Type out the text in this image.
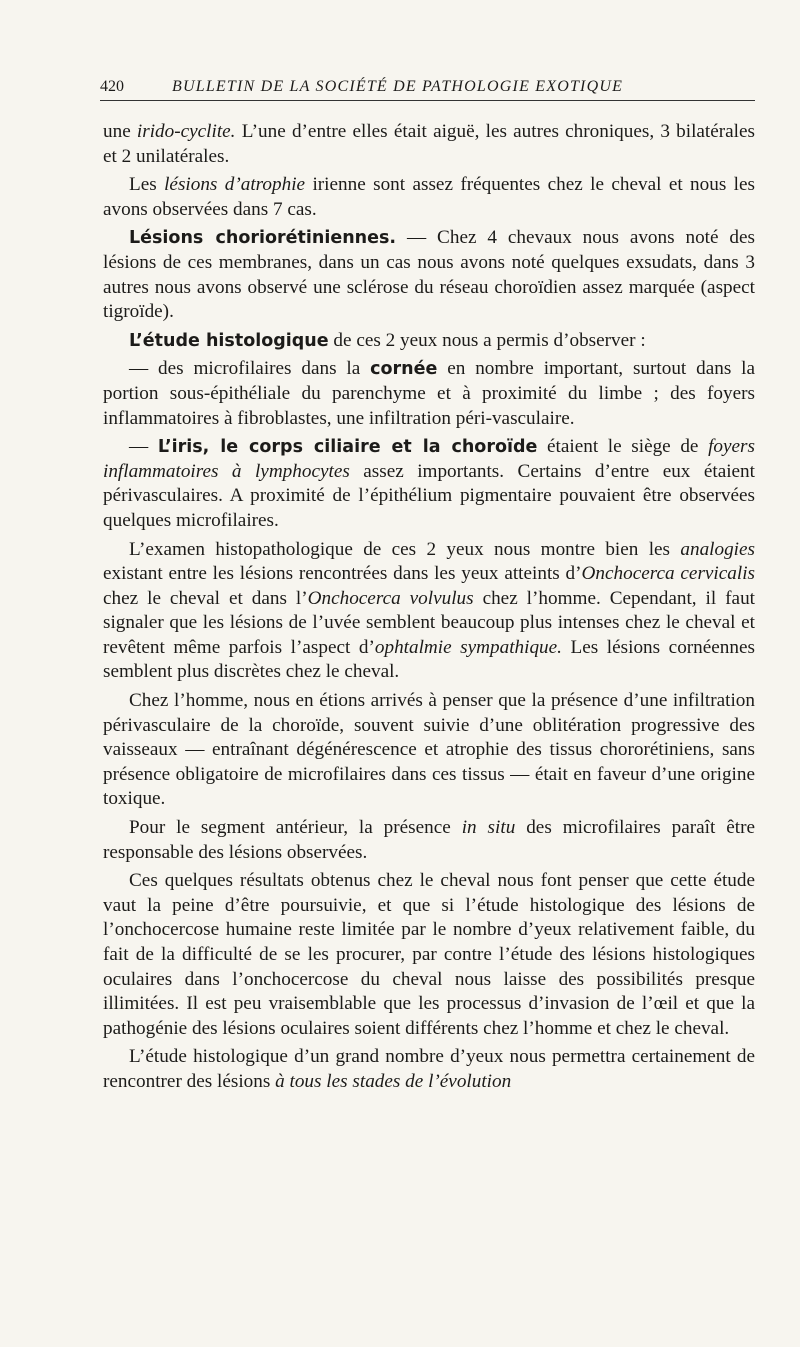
420	BULLETIN DE LA SOCIÉTÉ DE PATHOLOGIE EXOTIQUE

une irido-cyclite. L’une d’entre elles était aiguë, les autres chroniques, 3 bilatérales et 2 unilatérales.

Les lésions d’atrophie irienne sont assez fréquentes chez le cheval et nous les avons observées dans 7 cas.

Lésions choriorétiniennes. — Chez 4 chevaux nous avons noté des lésions de ces membranes, dans un cas nous avons noté quelques exsudats, dans 3 autres nous avons observé une sclérose du réseau choroïdien assez marquée (aspect tigroïde).

L’étude histologique de ces 2 yeux nous a permis d’observer :

— des microfilaires dans la cornée en nombre important, surtout dans la portion sous-épithéliale du parenchyme et à proximité du limbe ; des foyers inflammatoires à fibroblastes, une infiltration péri-vasculaire.

— L’iris, le corps ciliaire et la choroïde étaient le siège de foyers inflammatoires à lymphocytes assez importants. Certains d’entre eux étaient périvasculaires. A proximité de l’épithélium pigmentaire pouvaient être observées quelques microfilaires.

L’examen histopathologique de ces 2 yeux nous montre bien les analogies existant entre les lésions rencontrées dans les yeux atteints d’Onchocerca cervicalis chez le cheval et dans l’Onchocerca volvulus chez l’homme. Cependant, il faut signaler que les lésions de l’uvée semblent beaucoup plus intenses chez le cheval et revêtent même parfois l’aspect d’ophtalmie sympathique. Les lésions cornéennes semblent plus discrètes chez le cheval.

Chez l’homme, nous en étions arrivés à penser que la présence d’une infiltration périvasculaire de la choroïde, souvent suivie d’une oblitération progressive des vaisseaux — entraînant dégénérescence et atrophie des tissus chororétiniens, sans présence obligatoire de microfilaires dans ces tissus — était en faveur d’une origine toxique.

Pour le segment antérieur, la présence in situ des microfilaires paraît être responsable des lésions observées.

Ces quelques résultats obtenus chez le cheval nous font penser que cette étude vaut la peine d’être poursuivie, et que si l’étude histologique des lésions de l’onchocercose humaine reste limitée par le nombre d’yeux relativement faible, du fait de la difficulté de se les procurer, par contre l’étude des lésions histologiques oculaires dans l’onchocercose du cheval nous laisse des possibilités presque illimitées. Il est peu vraisemblable que les processus d’invasion de l’œil et que la pathogénie des lésions oculaires soient différents chez l’homme et chez le cheval.

L’étude histologique d’un grand nombre d’yeux nous permettra certainement de rencontrer des lésions à tous les stades de l’évolution
